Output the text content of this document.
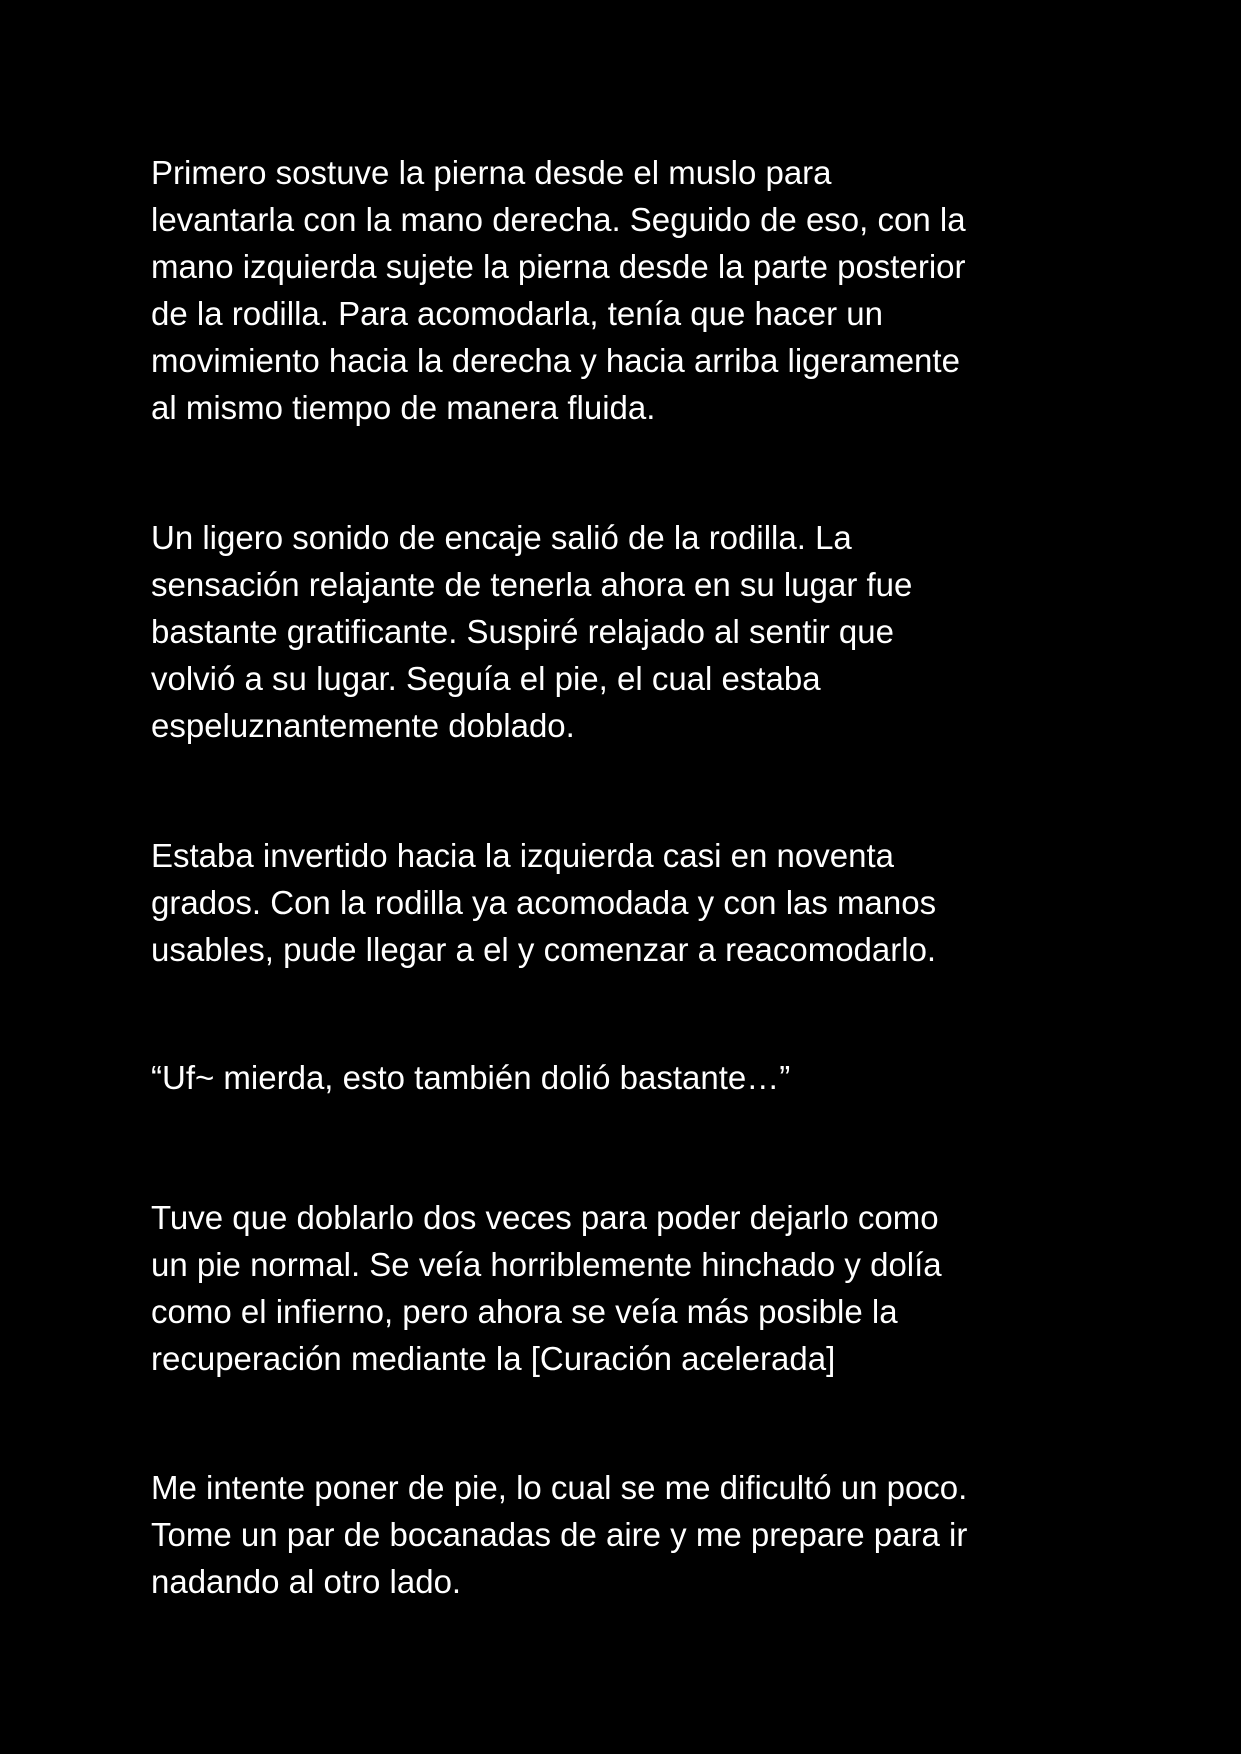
Primero sostuve la pierna desde el muslo para
levantarla con la mano derecha. Seguido de eso, con la
mano izquierda sujete la pierna desde la parte posterior
de la rodilla. Para acomodarla, tenía que hacer un
movimiento hacia la derecha y hacia arriba ligeramente
al mismo tiempo de manera fluida.

Un ligero sonido de encaje salió de la rodilla. La
sensación relajante de tenerla ahora en su lugar fue
bastante gratificante. Suspiré relajado al sentir que
volvió a su lugar. Seguía el pie, el cual estaba
espeluznantemente doblado.

Estaba invertido hacia la izquierda casi en noventa
grados. Con la rodilla ya acomodada y con las manos
usables, pude llegar a el y comenzar a reacomodarlo.

“Uf~ mierda, esto también dolió bastante…”

Tuve que doblarlo dos veces para poder dejarlo como
un pie normal. Se veía horriblemente hinchado y dolía
como el infierno, pero ahora se veía más posible la
recuperación mediante la [Curación acelerada]

Me intente poner de pie, lo cual se me dificultó un poco.
Tome un par de bocanadas de aire y me prepare para ir
nadando al otro lado.
